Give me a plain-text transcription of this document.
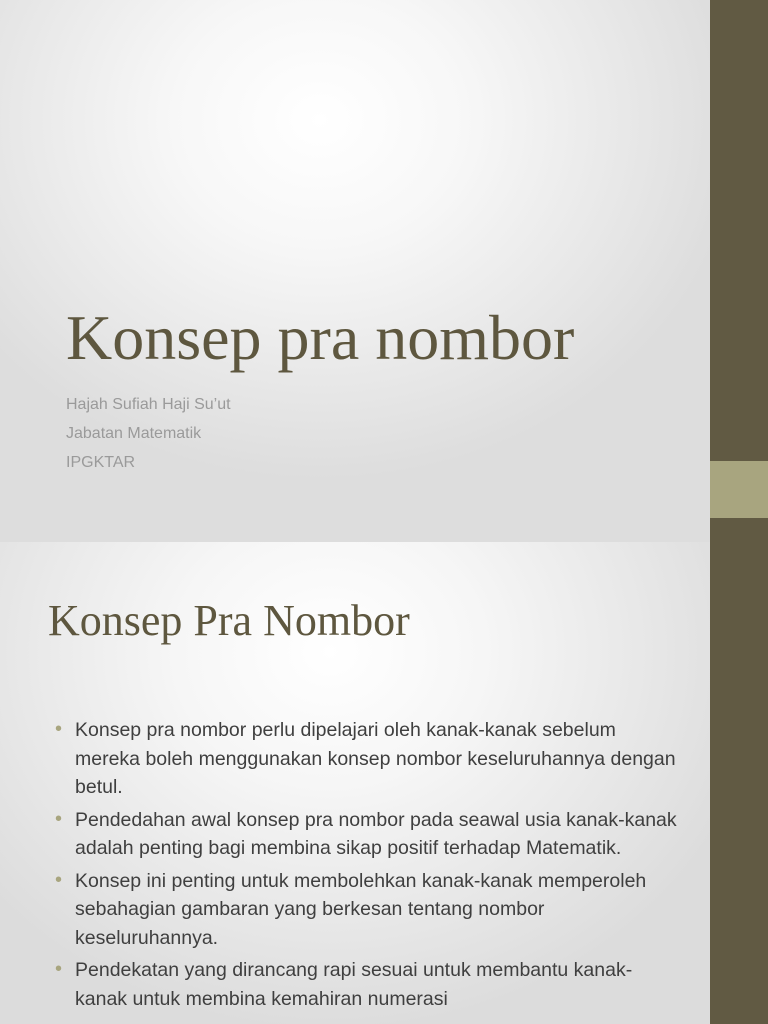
Konsep pra nombor
Hajah Sufiah Haji Su’ut
Jabatan Matematik
IPGKTAR
Konsep Pra Nombor
• Konsep pra nombor perlu dipelajari oleh kanak-kanak sebelum mereka boleh menggunakan konsep nombor keseluruhannya dengan betul.
• Pendedahan awal konsep pra nombor pada seawal usia kanak-kanak adalah penting bagi membina sikap positif terhadap Matematik.
• Konsep ini penting untuk membolehkan kanak-kanak memperoleh sebahagian gambaran yang berkesan tentang nombor keseluruhannya.
• Pendekatan yang dirancang rapi sesuai untuk membantu kanak-kanak untuk membina kemahiran numerasi
